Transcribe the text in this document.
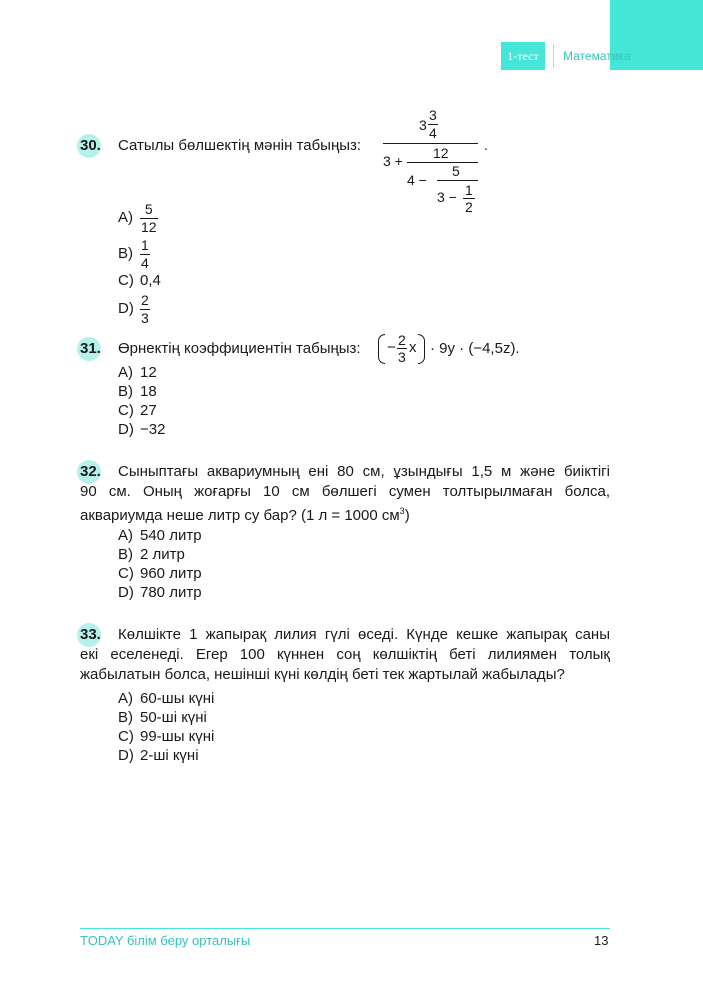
1-тест	Математика
30. Сатылы бөлшектің мәнін табыңыз:
3
3
4
3 + 12
4 −
5
3 − 1
2
.
$A) \frac{5}{12}$
$B) \frac{1}{4}$
C) 0,4
$D) \frac{2}{3}$
31. Өрнектің коэффициентін табыңыз: − 2
3
x · 9y · (−4,5z).
A) 12
B) 18
C) 27
D) −32
32. Сыныптағы аквариумның ені 80 см, ұзындығы 1,5 м және биіктігі
90 см. Оның жоғарғы 10 см бөлшегі сумен толтырылмаған болса,
аквариумда неше литр су бар? (1 л = 1000 $см^3$)
A) 540 литр
B) 2 литр
C) 960 литр
D) 780 литр
33. Көлшікте 1 жапырақ лилия гүлі өседі. Күнде кешке жапырақ саны
екі еселенеді. Егер 100 күннен соң көлшіктің беті лилиямен толық
жабылатын болса, нешінші күні көлдің беті тек жартылай жабылады?
A) 60-шы күні
B) 50-ші күні
C) 99-шы күні
D) 2-ші күні
TODAY білім беру орталығы	13
